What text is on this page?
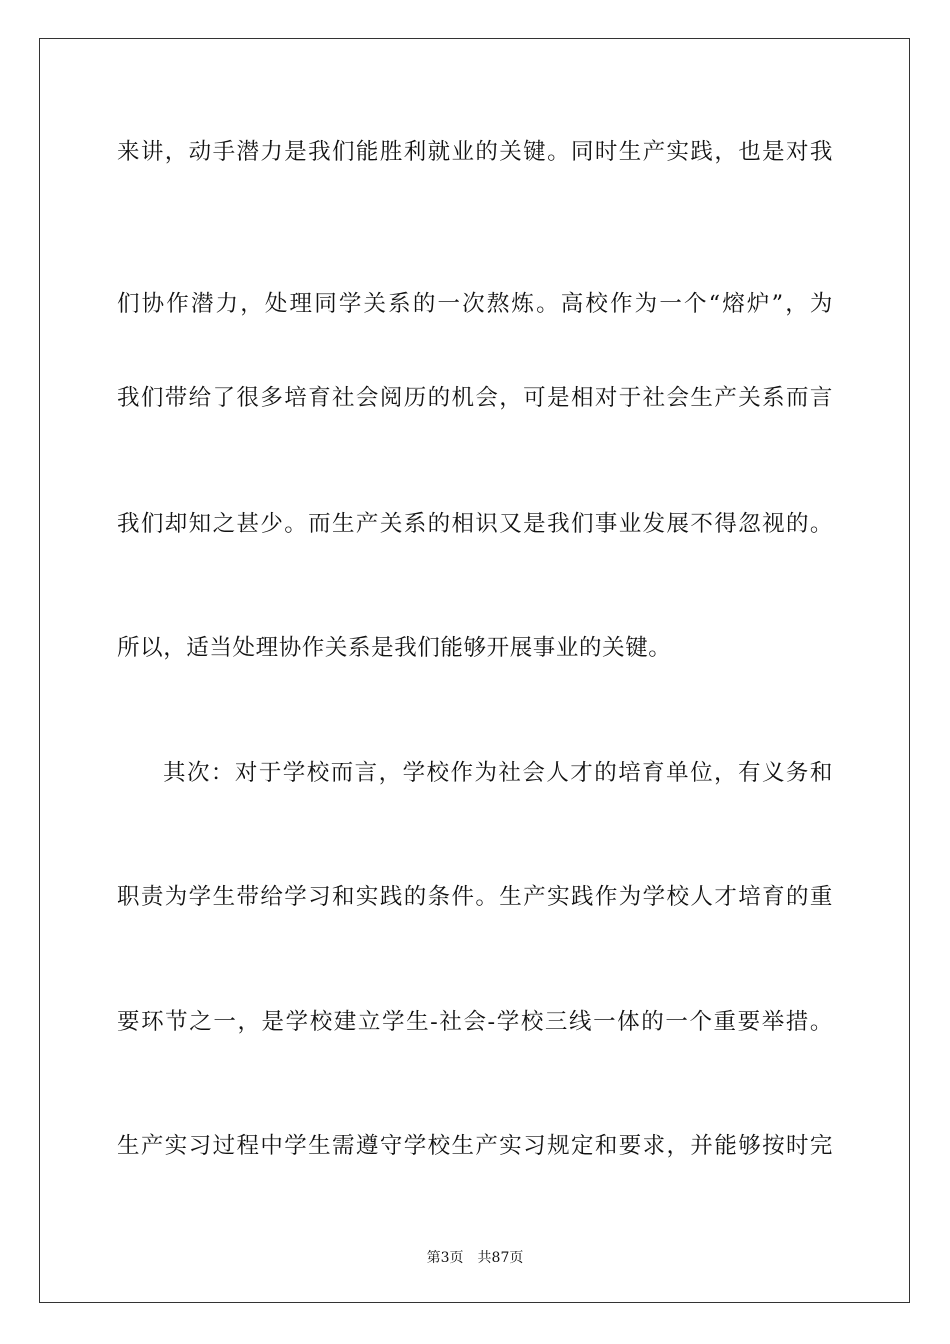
来讲，动手潜力是我们能胜利就业的关键。同时生产实践，也是对我
们协作潜力，处理同学关系的一次熬炼。高校作为一个“熔炉”，为
我们带给了很多培育社会阅历的机会，可是相对于社会生产关系而言
我们却知之甚少。而生产关系的相识又是我们事业发展不得忽视的。
所以，适当处理协作关系是我们能够开展事业的关键。
其次：对于学校而言，学校作为社会人才的培育单位，有义务和
职责为学生带给学习和实践的条件。生产实践作为学校人才培育的重
要环节之一，是学校建立学生-社会-学校三线一体的一个重要举措。
生产实习过程中学生需遵守学校生产实习规定和要求，并能够按时完
第3页 共87页
